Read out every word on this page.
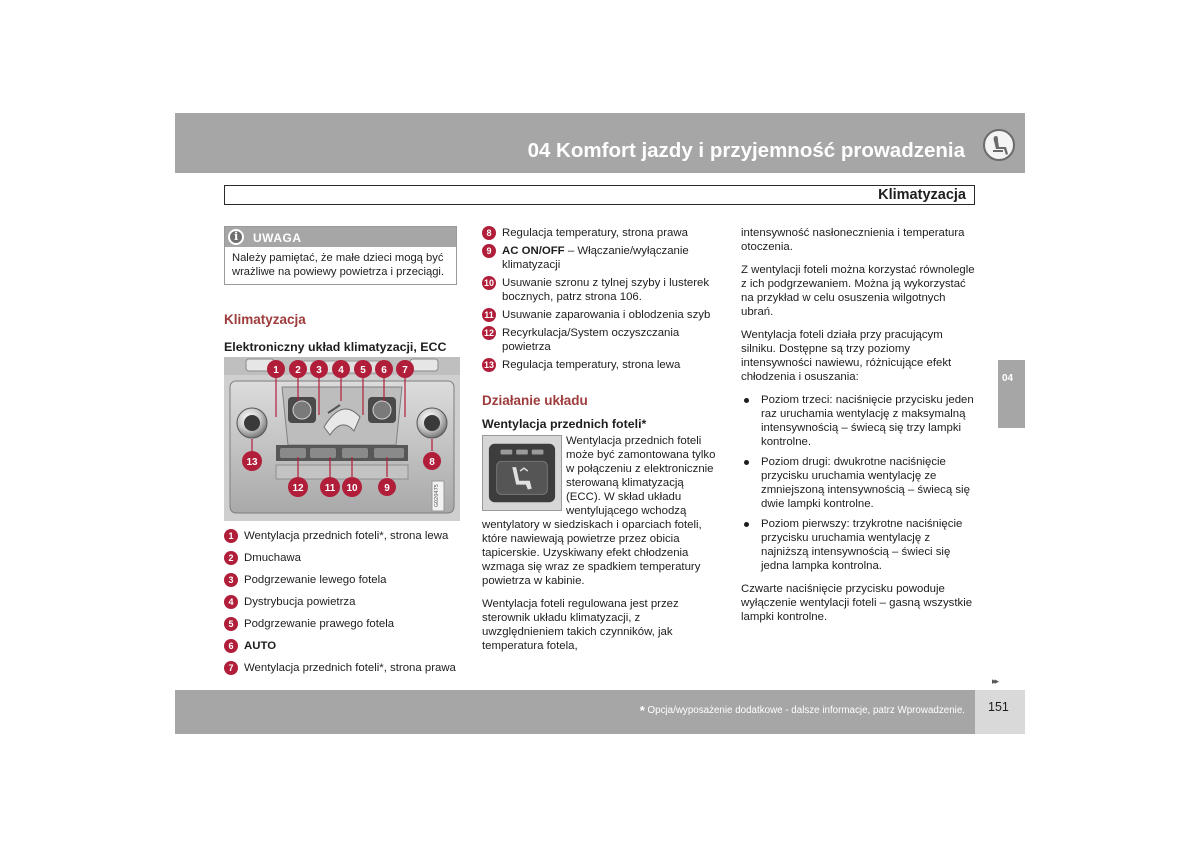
04 Komfort jazdy i przyjemność prowadzenia
Klimatyzacja
04
i
UWAGA
Należy pamiętać, że małe dzieci mogą być wrażliwe na powiewy powietrza i przeciągi.
Klimatyzacja
Elektroniczny układ klimatyzacji, ECC
G020475
1 2 3 4 5 6 7
13	8
12 11 10	9
1 Wentylacja przednich foteli*, strona lewa
2 Dmuchawa
3 Podgrzewanie lewego fotela
4 Dystrybucja powietrza
5 Podgrzewanie prawego fotela
6 AUTO
7 Wentylacja przednich foteli*, strona prawa
8 Regulacja temperatury, strona prawa
9 AC ON/OFF – Włączanie/wyłączanie klimatyzacji
10 Usuwanie szronu z tylnej szyby i lusterek bocznych, patrz strona 106.
11 Usuwanie zaparowania i oblodzenia szyb
12 Recyrkulacja/System oczyszczania powietrza
13 Regulacja temperatury, strona lewa
Działanie układu
Wentylacja przednich foteli*

Wentylacja przednich foteli może być zamontowana tylko w połączeniu z elektronicznie sterowaną klimatyzacją (ECC). W skład układu wentylującego wchodzą wentylatory w siedziskach i oparciach foteli, które nawiewają powietrze przez obicia tapicerskie. Uzyskiwany efekt chłodzenia wzmaga się wraz ze spadkiem temperatury powietrza w kabinie.

Wentylacja foteli regulowana jest przez sterownik układu klimatyzacji, z uwzględnieniem takich czynników, jak temperatura fotela,

intensywność nasłonecznienia i temperatura otoczenia.

Z wentylacji foteli można korzystać równolegle z ich podgrzewaniem. Można ją wykorzystać na przykład w celu osuszenia wilgotnych ubrań.

Wentylacja foteli działa przy pracującym silniku. Dostępne są trzy poziomy intensywności nawiewu, różnicujące efekt chłodzenia i osuszania:

Poziom trzeci: naciśnięcie przycisku jeden raz uruchamia wentylację z maksymalną intensywnością – świecą się trzy lampki kontrolne.
Poziom drugi: dwukrotne naciśnięcie przycisku uruchamia wentylację ze zmniejszoną intensywnością – świecą się dwie lampki kontrolne.
Poziom pierwszy: trzykrotne naciśnięcie przycisku uruchamia wentylację z najniższą intensywnością – świeci się jedna lampka kontrolna.

Czwarte naciśnięcie przycisku powoduje wyłączenie wentylacji foteli – gasną wszystkie lampki kontrolne.

▸▸
* Opcja/wyposażenie dodatkowe - dalsze informacje, patrz Wprowadzenie. 151
